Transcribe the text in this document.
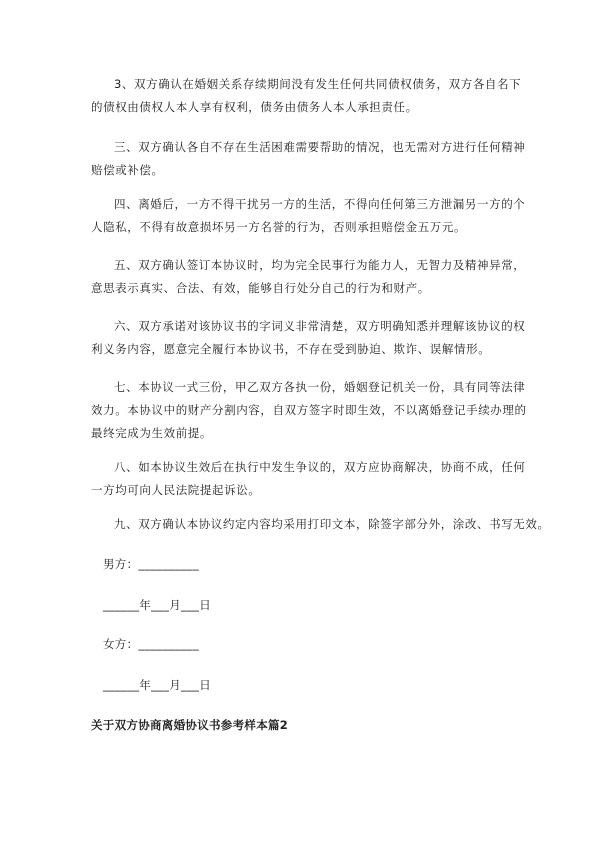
3、双方确认在婚姻关系存续期间没有发生任何共同债权债务，双方各自名下的债权由债权人本人享有权利，债务由债务人本人承担责任。

三、双方确认各自不存在生活困难需要帮助的情况，也无需对方进行任何精神赔偿或补偿。

四、离婚后，一方不得干扰另一方的生活，不得向任何第三方泄漏另一方的个人隐私，不得有故意损坏另一方名誉的行为，否则承担赔偿金五万元。

五、双方确认签订本协议时，均为完全民事行为能力人，无智力及精神异常，意思表示真实、合法、有效，能够自行处分自己的行为和财产。

六、双方承诺对该协议书的字词义非常清楚，双方明确知悉并理解该协议的权利义务内容，愿意完全履行本协议书，不存在受到胁迫、欺诈、误解情形。

七、本协议一式三份，甲乙双方各执一份，婚姻登记机关一份，具有同等法律效力。本协议中的财产分割内容，自双方签字时即生效，不以离婚登记手续办理的最终完成为生效前提。

八、如本协议生效后在执行中发生争议的，双方应协商解决，协商不成，任何一方均可向人民法院提起诉讼。

九、双方确认本协议约定内容均采用打印文本，除签字部分外，涂改、书写无效。

男方：__________
______年___月___日
女方：__________
______年___月___日
关于双方协商离婚协议书参考样本篇2
